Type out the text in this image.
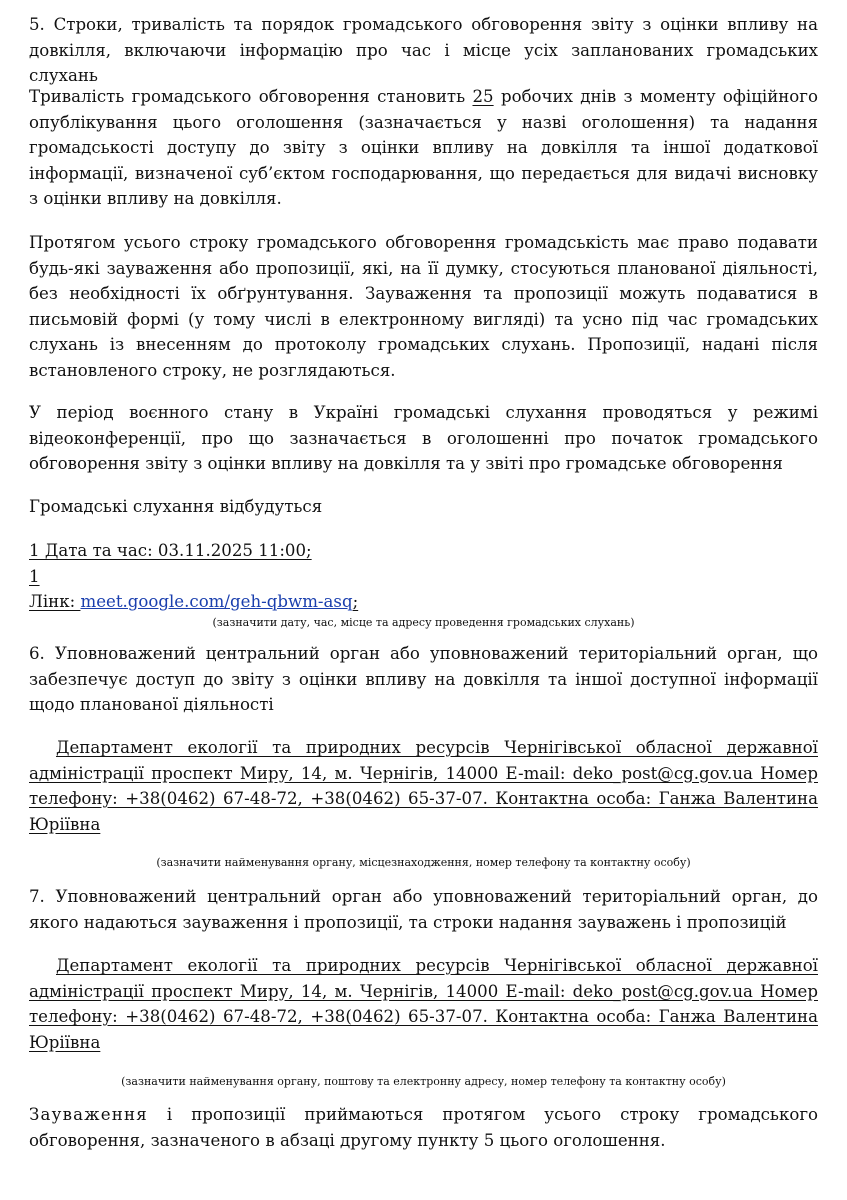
5. Строки, тривалість та порядок громадського обговорення звіту з оцінки впливу на довкілля, включаючи інформацію про час і місце усіх запланованих громадських слухань
Тривалість громадського обговорення становить 25 робочих днів з моменту офіційного опублікування цього оголошення (зазначається у назві оголошення) та надання громадськості доступу до звіту з оцінки впливу на довкілля та іншої додаткової інформації, визначеної суб’єктом господарювання, що передається для видачі висновку з оцінки впливу на довкілля.
Протягом усього строку громадського обговорення громадськість має право подавати будь-які зауваження або пропозиції, які, на її думку, стосуються планованої діяльності, без необхідності їх обґрунтування. Зауваження та пропозиції можуть подаватися в письмовій формі (у тому числі в електронному вигляді) та усно під час громадських слухань із внесенням до протоколу громадських слухань. Пропозиції, надані після встановленого строку, не розглядаються.
У період воєнного стану в Україні громадські слухання проводяться у режимі відеоконференції, про що зазначається в оголошенні про початок громадського обговорення звіту з оцінки впливу на довкілля та у звіті про громадське обговорення
Громадські слухання відбудуться
1 Дата та час: 03.11.2025 11:00;
1
Лінк: meet.google.com/geh-qbwm-asq;
(зазначити дату, час, місце та адресу проведення громадських слухань)
6. Уповноважений центральний орган або уповноважений територіальний орган, що забезпечує доступ до звіту з оцінки впливу на довкілля та іншої доступної інформації щодо планованої діяльності
Департамент екології та природних ресурсів Чернігівської обласної державної адміністрації проспект Миру, 14, м. Чернігів, 14000 E-mail: deko_post@cg.gov.ua Номер телефону: +38(0462) 67-48-72, +38(0462) 65-37-07. Контактна особа: Ганжа Валентина Юріївна
(зазначити найменування органу, місцезнаходження, номер телефону та контактну особу)
7. Уповноважений центральний орган або уповноважений територіальний орган, до якого надаються зауваження і пропозиції, та строки надання зауважень і пропозицій
Департамент екології та природних ресурсів Чернігівської обласної державної адміністрації проспект Миру, 14, м. Чернігів, 14000 E-mail: deko_post@cg.gov.ua Номер телефону: +38(0462) 67-48-72, +38(0462) 65-37-07. Контактна особа: Ганжа Валентина Юріївна
(зазначити найменування органу, поштову та електронну адресу, номер телефону та контактну особу)
Зауваження і пропозиції приймаються протягом усього строку громадського обговорення, зазначеного в абзаці другому пункту 5 цього оголошення.
